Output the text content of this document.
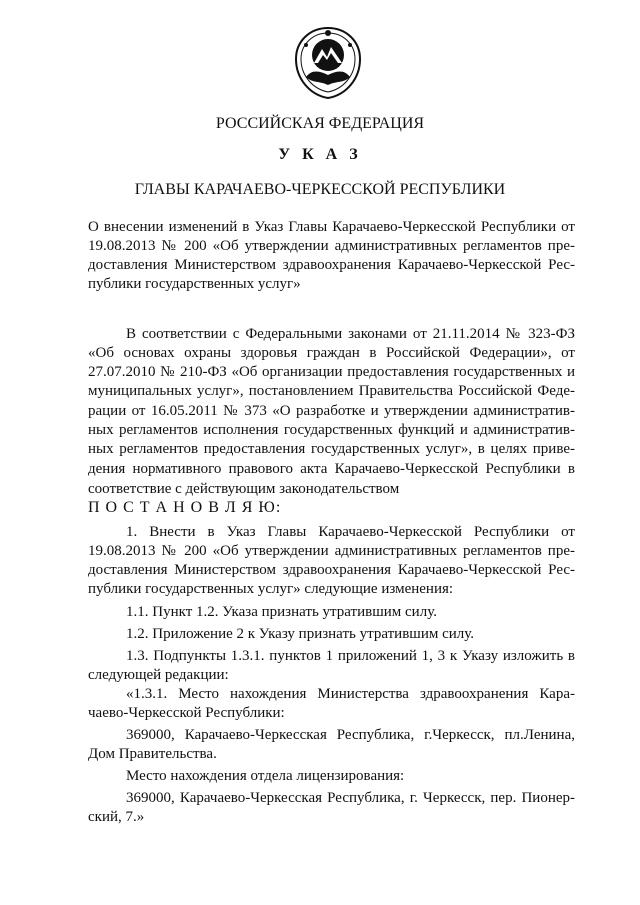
РОССИЙСКАЯ ФЕДЕРАЦИЯ
У К А З
ГЛАВЫ КАРАЧАЕВО-ЧЕРКЕССКОЙ РЕСПУБЛИКИ
О внесении изменений в Указ Главы Карачаево-Черкесской Республики от
19.08.2013 № 200 «Об утверждении административных регламентов пре-
доставления Министерством здравоохранения Карачаево-Черкесской Рес-
публики государственных услуг»
В соответствии с Федеральными законами от 21.11.2014 № 323-ФЗ
«Об основах охраны здоровья граждан в Российской Федерации», от
27.07.2010 № 210-ФЗ «Об организации предоставления государственных и
муниципальных услуг», постановлением Правительства Российской Феде-
рации от 16.05.2011 № 373 «О разработке и утверждении административ-
ных регламентов исполнения государственных функций и административ-
ных регламентов предоставления государственных услуг», в целях приве-
дения нормативного правового акта Карачаево-Черкесской Республики в
соответствие с действующим законодательством
П О С Т А Н О В Л Я Ю:
1. Внести в Указ Главы Карачаево-Черкесской Республики от
19.08.2013 № 200 «Об утверждении административных регламентов пре-
доставления Министерством здравоохранения Карачаево-Черкесской Рес-
публики государственных услуг» следующие изменения:
1.1. Пункт 1.2. Указа признать утратившим силу.
1.2. Приложение 2 к Указу признать утратившим силу.
1.3. Подпункты 1.3.1. пунктов 1 приложений 1, 3 к Указу изложить в
следующей редакции:
«1.3.1. Место нахождения Министерства здравоохранения Кара-
чаево-Черкесской Республики:
369000, Карачаево-Черкесская Республика, г.Черкесск, пл.Ленина,
Дом Правительства.
Место нахождения отдела лицензирования:
369000, Карачаево-Черкесская Республика, г. Черкесск, пер. Пионер-
ский, 7.»
